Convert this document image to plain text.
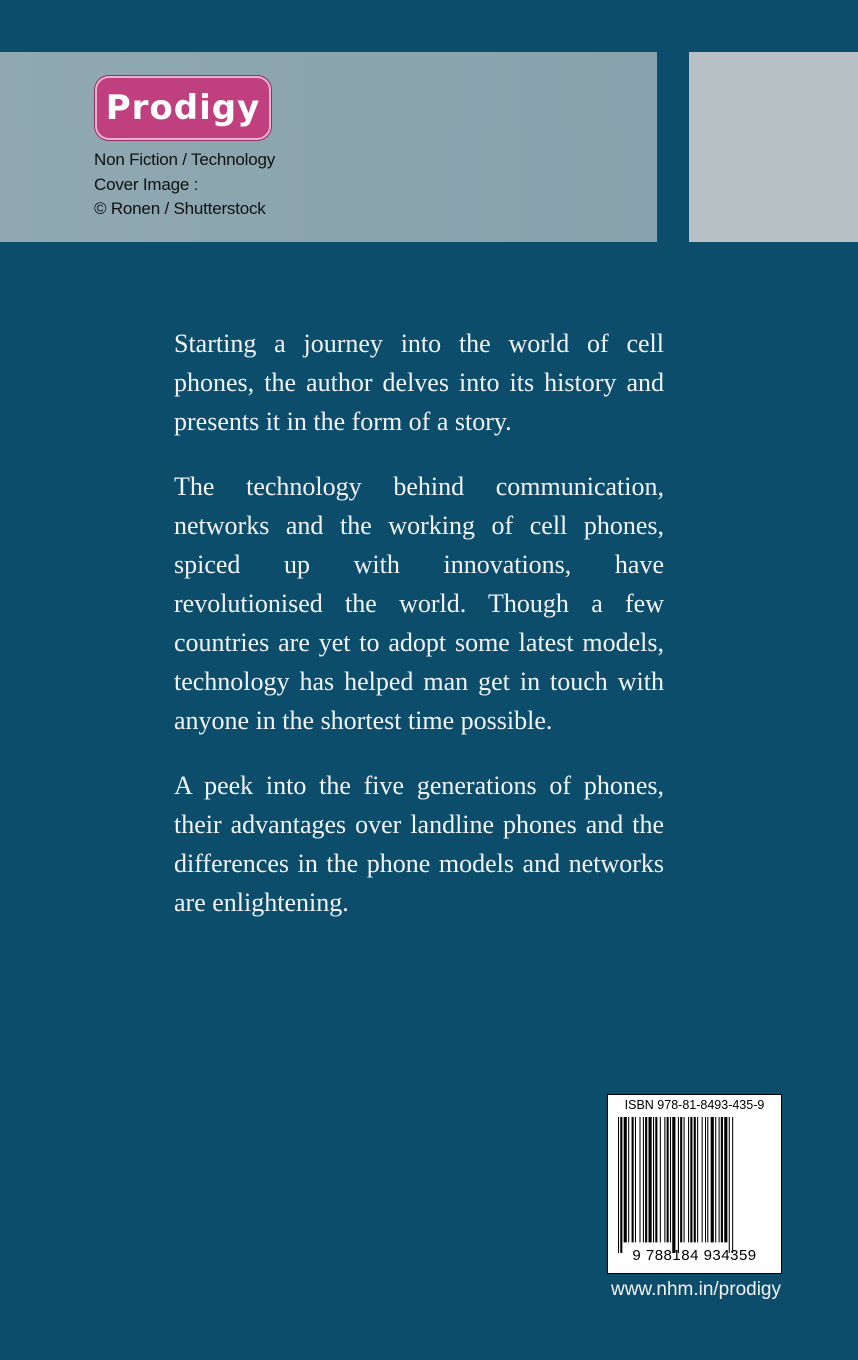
Prodigy
Non Fiction / Technology
Cover Image :
© Ronen / Shutterstock

Starting a journey into the world of cell phones, the author delves into its history and presents it in the form of a story.

The technology behind communication, networks and the working of cell phones, spiced up with innovations, have revolutionised the world. Though a few countries are yet to adopt some latest models, technology has helped man get in touch with anyone in the shortest time possible.

A peek into the five generations of phones, their advantages over landline phones and the differences in the phone models and networks are enlightening.

ISBN 978-81-8493-435-9
9 788184 934359
www.nhm.in/prodigy
